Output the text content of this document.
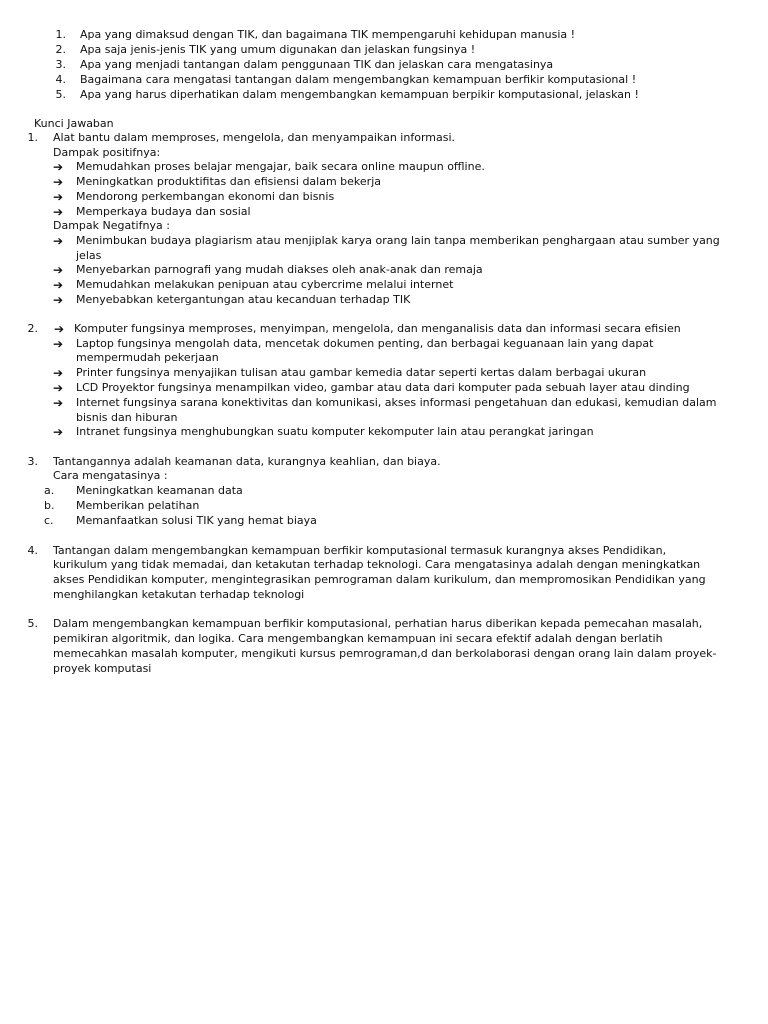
1. Apa yang dimaksud dengan TIK, dan bagaimana TIK mempengaruhi kehidupan manusia !
2. Apa saja jenis-jenis TIK yang umum digunakan dan jelaskan fungsinya !
3. Apa yang menjadi tantangan dalam penggunaan TIK dan jelaskan cara mengatasinya
4. Bagaimana cara mengatasi tantangan dalam mengembangkan kemampuan berfikir komputasional !
5. Apa yang harus diperhatikan dalam mengembangkan kemampuan berpikir komputasional, jelaskan !
Kunci Jawaban
1. Alat bantu dalam memproses, mengelola, dan menyampaikan informasi.
Dampak positifnya:
➔ Memudahkan proses belajar mengajar, baik secara online maupun offline.
➔ Meningkatkan produktifitas dan efisiensi dalam bekerja
➔ Mendorong perkembangan ekonomi dan bisnis
➔ Memperkaya budaya dan sosial
Dampak Negatifnya :
➔ Menimbukan budaya plagiarism atau menjiplak karya orang lain tanpa memberikan penghargaan atau sumber yang
jelas
➔ Menyebarkan parnografi yang mudah diakses oleh anak-anak dan remaja
➔ Memudahkan melakukan penipuan atau cybercrime melalui internet
➔ Menyebabkan ketergantungan atau kecanduan terhadap TIK
2. ➔ Komputer fungsinya memproses, menyimpan, mengelola, dan menganalisis data dan informasi secara efisien
➔ Laptop fungsinya mengolah data, mencetak dokumen penting, dan berbagai keguanaan lain yang dapat
mempermudah pekerjaan
➔ Printer fungsinya menyajikan tulisan atau gambar kemedia datar seperti kertas dalam berbagai ukuran
➔ LCD Proyektor fungsinya menampilkan video, gambar atau data dari komputer pada sebuah layer atau dinding
➔ Internet fungsinya sarana konektivitas dan komunikasi, akses informasi pengetahuan dan edukasi, kemudian dalam
bisnis dan hiburan
➔ Intranet fungsinya menghubungkan suatu komputer kekomputer lain atau perangkat jaringan
3. Tantangannya adalah keamanan data, kurangnya keahlian, dan biaya.
Cara mengatasinya :
a.	Meningkatkan keamanan data
b.	Memberikan pelatihan
c.	Memanfaatkan solusi TIK yang hemat biaya
4. Tantangan dalam mengembangkan kemampuan berfikir komputasional termasuk kurangnya akses Pendidikan,
kurikulum yang tidak memadai, dan ketakutan terhadap teknologi. Cara mengatasinya adalah dengan meningkatkan
akses Pendidikan komputer, mengintegrasikan pemrograman dalam kurikulum, dan mempromosikan Pendidikan yang
menghilangkan ketakutan terhadap teknologi
5. Dalam mengembangkan kemampuan berfikir komputasional, perhatian harus diberikan kepada pemecahan masalah,
pemikiran algoritmik, dan logika. Cara mengembangkan kemampuan ini secara efektif adalah dengan berlatih
memecahkan masalah komputer, mengikuti kursus pemrograman,d dan berkolaborasi dengan orang lain dalam proyek-
proyek komputasi
